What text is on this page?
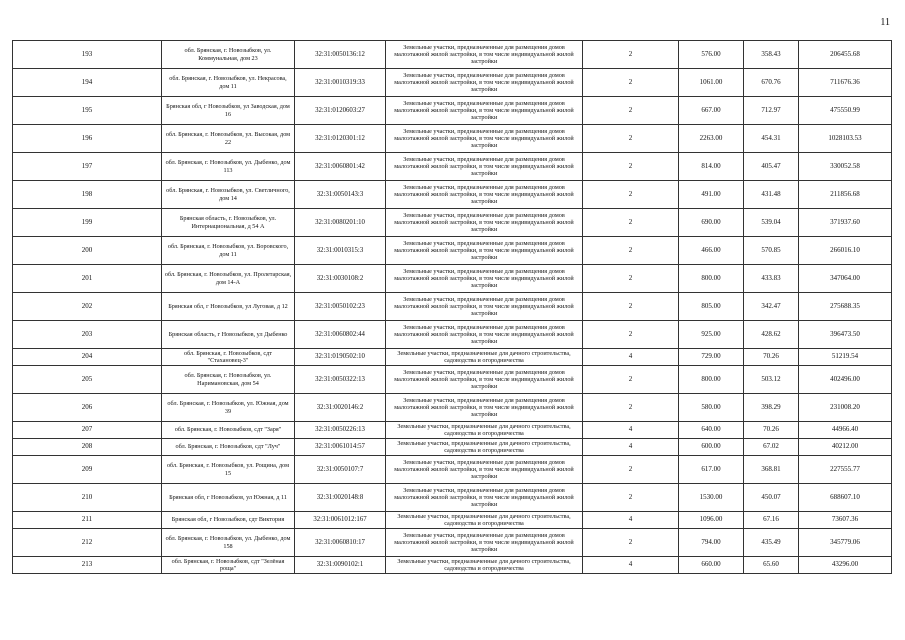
11
193	обл. Брянская, г. Новозыбков, ул. Коммунальная, дом 23	32:31:0050136:12	Земельные участки, предназначенные для размещения домов малоэтажной жилой застройки, в том числе индивидуальной жилой застройки	2	576.00	358.43	206455.68
194	обл. Брянская, г. Новозыбков, ул. Некрасова, дом 11	32:31:0010319:33	Земельные участки, предназначенные для размещения домов малоэтажной жилой застройки, в том числе индивидуальной жилой застройки	2	1061.00	670.76	711676.36
195	Брянская обл, г Новозыбков, ул Заводская, дом 16	32:31:0120603:27	Земельные участки, предназначенные для размещения домов малоэтажной жилой застройки, в том числе индивидуальной жилой застройки	2	667.00	712.97	475550.99
196	обл. Брянская, г. Новозыбков, ул. Высокая, дом 22	32:31:0120301:12	Земельные участки, предназначенные для размещения домов малоэтажной жилой застройки, в том числе индивидуальной жилой застройки	2	2263.00	454.31	1028103.53
197	обл. Брянская, г. Новозыбков, ул. Дыбенко, дом 113	32:31:0060801:42	Земельные участки, предназначенные для размещения домов малоэтажной жилой застройки, в том числе индивидуальной жилой застройки	2	814.00	405.47	330052.58
198	обл. Брянская, г. Новозыбков, ул. Светличного, дом 14	32:31:0050143:3	Земельные участки, предназначенные для размещения домов малоэтажной жилой застройки, в том числе индивидуальной жилой застройки	2	491.00	431.48	211856.68
199	Брянская область, г. Новозыбков, ул. Интернациональная, д 54 А	32:31:0080201:10	Земельные участки, предназначенные для размещения домов малоэтажной жилой застройки, в том числе индивидуальной жилой застройки	2	690.00	539.04	371937.60
200	обл. Брянская, г. Новозыбков, ул. Воровского, дом 11	32:31:0010315:3	Земельные участки, предназначенные для размещения домов малоэтажной жилой застройки, в том числе индивидуальной жилой застройки	2	466.00	570.85	266016.10
201	обл. Брянская, г. Новозыбков, ул. Пролетарская, дом 14-А	32:31:0030108:2	Земельные участки, предназначенные для размещения домов малоэтажной жилой застройки, в том числе индивидуальной жилой застройки	2	800.00	433.83	347064.00
202	Брянская обл, г Новозыбков, ул Луговая, д 12	32:31:0050102:23	Земельные участки, предназначенные для размещения домов малоэтажной жилой застройки, в том числе индивидуальной жилой застройки	2	805.00	342.47	275688.35
203	Брянская область, г Новозыбков, ул Дыбенко	32:31:0060802:44	Земельные участки, предназначенные для размещения домов малоэтажной жилой застройки, в том числе индивидуальной жилой застройки	2	925.00	428.62	396473.50
204	обл. Брянская, г. Новозыбков, сдт "Стахановец-3"	32:31:0190502:10	Земельные участки, предназначенные для дачного строительства, садоводства и огородничества	4	729.00	70.26	51219.54
205	обл. Брянская, г. Новозыбков, ул. Наримановская, дом 54	32:31:0050322:13	Земельные участки, предназначенные для размещения домов малоэтажной жилой застройки, в том числе индивидуальной жилой застройки	2	800.00	503.12	402496.00
206	обл. Брянская, г. Новозыбков, ул. Южная, дом 39	32:31:0020146:2	Земельные участки, предназначенные для размещения домов малоэтажной жилой застройки, в том числе индивидуальной жилой застройки	2	580.00	398.29	231008.20
207	обл. Брянская, г. Новозыбков, сдт "Заря"	32:31:0050226:13	Земельные участки, предназначенные для дачного строительства, садоводства и огородничества	4	640.00	70.26	44966.40
208	обл. Брянская, г. Новозыбков, сдт "Луч"	32:31:0061014:57	Земельные участки, предназначенные для дачного строительства, садоводства и огородничества	4	600.00	67.02	40212.00
209	обл. Брянская, г. Новозыбков, ул. Рощина, дом 15	32:31:0050107:7	Земельные участки, предназначенные для размещения домов малоэтажной жилой застройки, в том числе индивидуальной жилой застройки	2	617.00	368.81	227555.77
210	Брянская обл, г Новозыбков, ул Южная, д 11	32:31:0020148:8	Земельные участки, предназначенные для размещения домов малоэтажной жилой застройки, в том числе индивидуальной жилой застройки	2	1530.00	450.07	688607.10
211	Брянская обл, г Новозыбков, сдт Виктория	32:31:0061012:167	Земельные участки, предназначенные для дачного строительства, садоводства и огородничества	4	1096.00	67.16	73607.36
212	обл. Брянская, г. Новозыбков, ул. Дыбенко, дом 158	32:31:0060810:17	Земельные участки, предназначенные для размещения домов малоэтажной жилой застройки, в том числе индивидуальной жилой застройки	2	794.00	435.49	345779.06
213	обл. Брянская, г. Новозыбков, сдт "Зелёная роща"	32:31:0090102:1	Земельные участки, предназначенные для дачного строительства, садоводства и огородничества	4	660.00	65.60	43296.00
